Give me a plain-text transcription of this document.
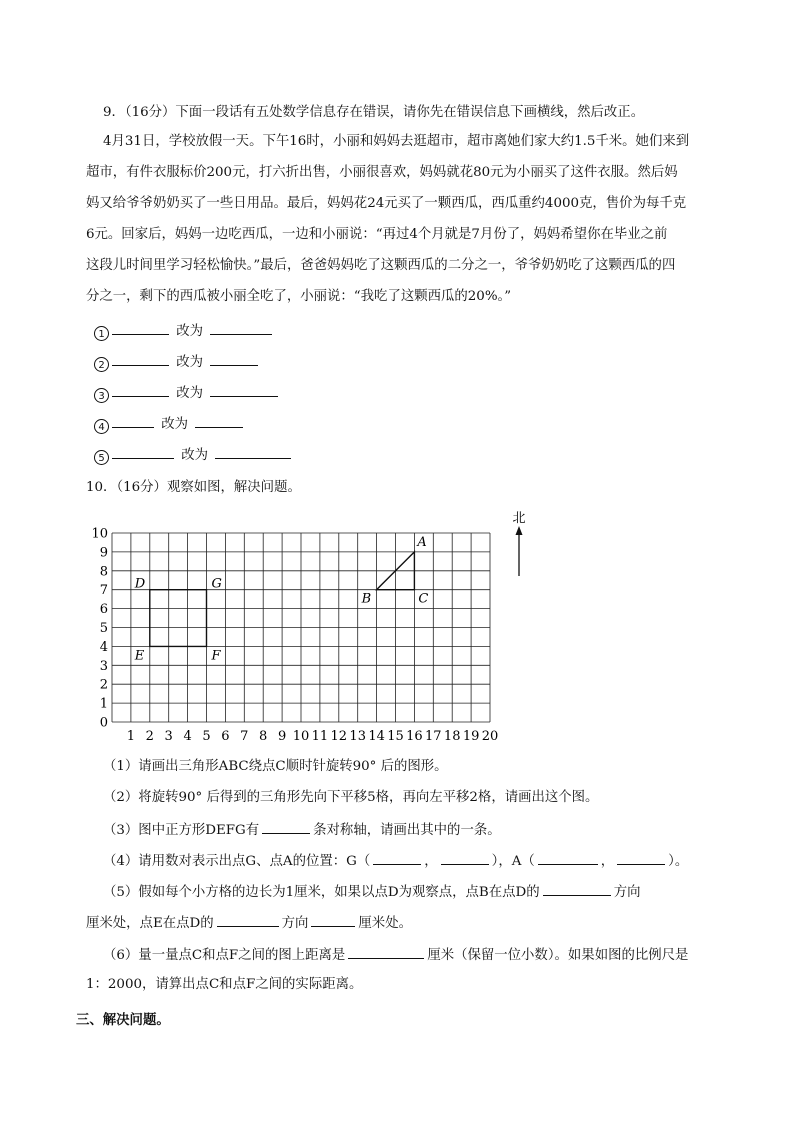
9．（16分）下面一段话有五处数学信息存在错误，请你先在错误信息下画横线，然后改正。
4月31日，学校放假一天。下午16时，小丽和妈妈去逛超市，超市离她们家大约1.5千米。她们来到
超市，有件衣服标价200元，打六折出售，小丽很喜欢，妈妈就花80元为小丽买了这件衣服。然后妈
妈又给爷爷奶奶买了一些日用品。最后，妈妈花24元买了一颗西瓜，西瓜重约4000克，售价为每千克
6元。回家后，妈妈一边吃西瓜，一边和小丽说：“再过4个月就是7月份了，妈妈希望你在毕业之前
这段儿时间里学习轻松愉快。”最后，爸爸妈妈吃了这颗西瓜的二分之一，爷爷奶奶吃了这颗西瓜的四
分之一，剩下的西瓜被小丽全吃了，小丽说：“我吃了这颗西瓜的20%。”
1	改为
2	改为
3	改为
4	改为
5	改为
10．（16分）观察如图，解决问题。
0
1
2
3
4
5
6
7
8
9
10
1 2 3 4 5 6 7 8 9 10 11 12 13 14 15 16 17 18 19 20
D	G
E	F
A
B	C
北
（1）请画出三角形ABC绕点C顺时针旋转90° 后的图形。
（2）将旋转90° 后得到的三角形先向下平移5格，再向左平移2格，请画出这个图。
（3）图中正方形DEFG有	条对称轴，请画出其中的一条。
（4）请用数对表示出点G、点A的位置：G（	，	），A（	，	）。
（5）假如每个小方格的边长为1厘米，如果以点D为观察点，点B在点D的	方向
厘米处，点E在点D的	方向	厘米处。
（6）量一量点C和点F之间的图上距离是	厘米（保留一位小数）。如果如图的比例尺是
1：2000，请算出点C和点F之间的实际距离。
三、解决问题。
